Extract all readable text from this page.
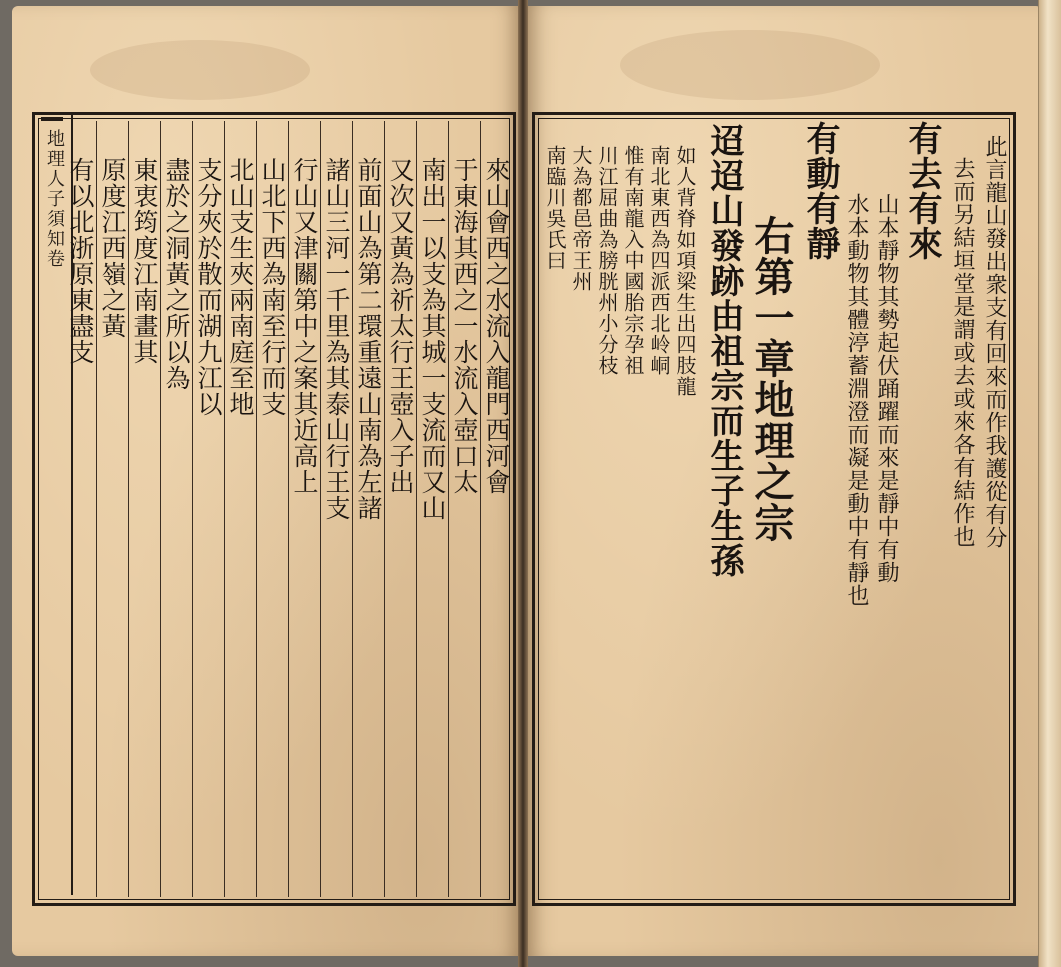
地理人子須知卷	來山會西之水流入龍門西河會
于東海其西之一水流入壺口太
南出一以支為其城一支流而又山
又次又黃為祈太行王壺入子出
前面山為第二環重遠山南為左諸
諸山三河一千里為其泰山行王支
行山又津關第中之案其近高上
山北下西為南至行而支
北山支生夾兩南庭至地
支分夾於散而湖九江以
盡於之洞黃之所以為
東衷筠度江南畫其
原度江西嶺之黃
有以北浙原東盡支	此言龍山發出衆支有回來而作我護從有分
去而另結垣堂是謂或去或來各有結作也
有去有來
山本靜物其勢起伏踊躍而來是靜中有動
水本動物其體渟蓄淵澄而凝是動中有靜也
有動有靜
右第一章地理之宗
迢迢山發跡由祖宗而生子生孫
如人背脊如項梁生出四肢龍
南北東西為四派西北岭峒
惟有南龍入中國胎宗孕祖
川江屈曲為膀胱州小分枝
大為都邑帝王州
南臨川吳氏曰
